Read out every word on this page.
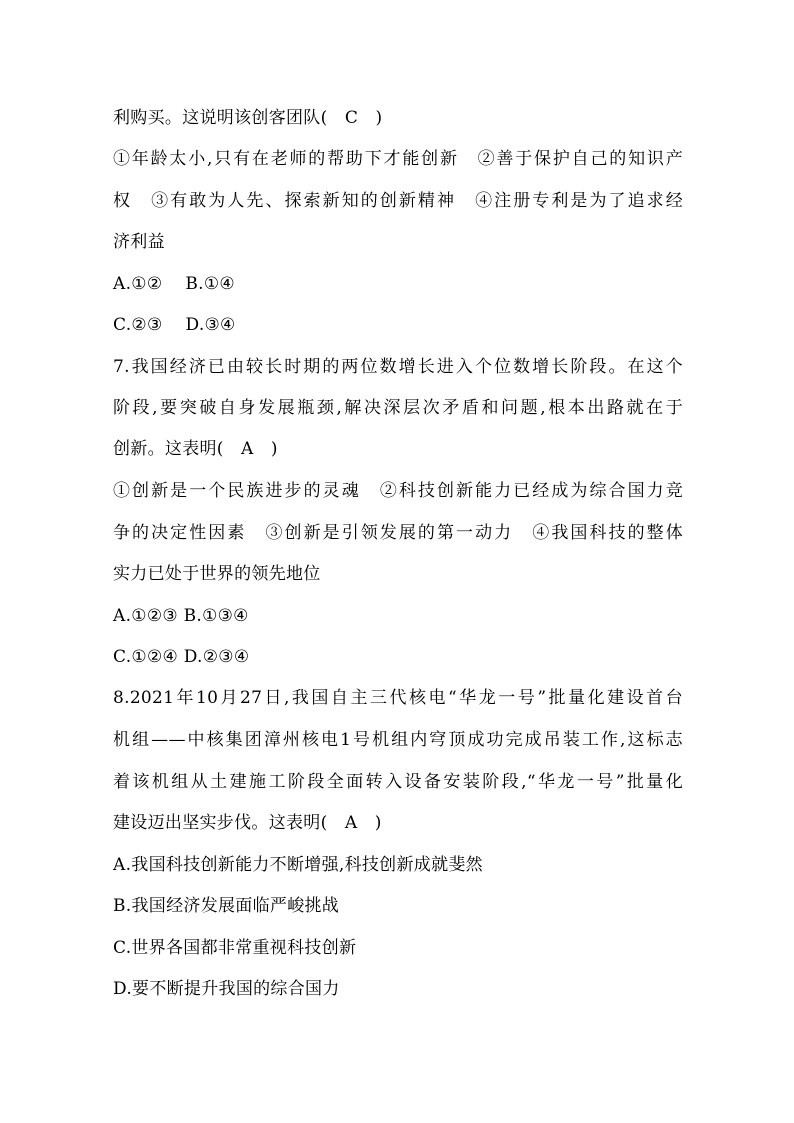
利购买。这说明该创客团队(　C　)
①年龄太小,只有在老师的帮助下才能创新　②善于保护自己的知识产
权　③有敢为人先、探索新知的创新精神　④注册专利是为了追求经
济利益
A.①②　 B.①④
C.②③　 D.③④
7.我国经济已由较长时期的两位数增长进入个位数增长阶段。在这个
阶段,要突破自身发展瓶颈,解决深层次矛盾和问题,根本出路就在于
创新。这表明(　A　)
①创新是一个民族进步的灵魂　②科技创新能力已经成为综合国力竞
争的决定性因素　③创新是引领发展的第一动力　④我国科技的整体
实力已处于世界的领先地位
A.①②③ B.①③④
C.①②④ D.②③④
8.2021年10月27日,我国自主三代核电“华龙一号”批量化建设首台
机组——中核集团漳州核电1号机组内穹顶成功完成吊装工作,这标志
着该机组从土建施工阶段全面转入设备安装阶段,“华龙一号”批量化
建设迈出坚实步伐。这表明(　A　)
A.我国科技创新能力不断增强,科技创新成就斐然
B.我国经济发展面临严峻挑战
C.世界各国都非常重视科技创新
D.要不断提升我国的综合国力
